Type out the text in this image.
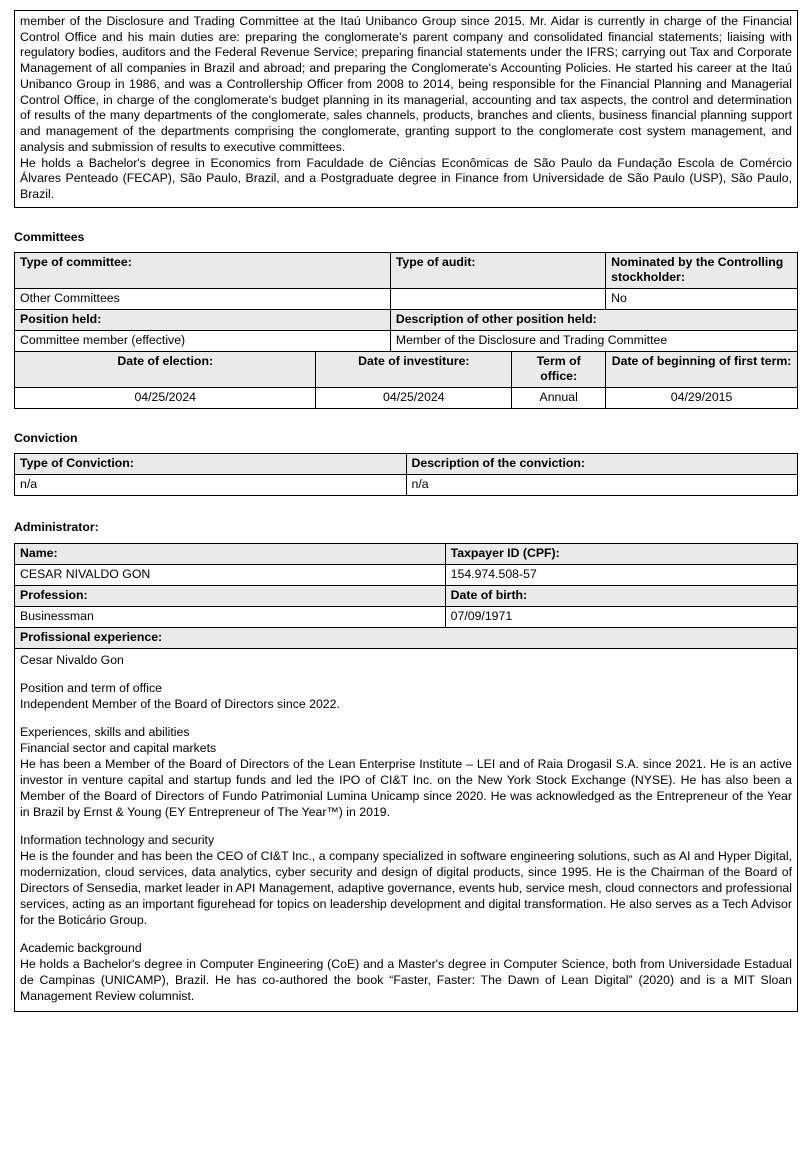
member of the Disclosure and Trading Committee at the Itaú Unibanco Group since 2015. Mr. Aidar is currently in charge of the Financial Control Office and his main duties are: preparing the conglomerate's parent company and consolidated financial statements; liaising with regulatory bodies, auditors and the Federal Revenue Service; preparing financial statements under the IFRS; carrying out Tax and Corporate Management of all companies in Brazil and abroad; and preparing the Conglomerate's Accounting Policies. He started his career at the Itaú Unibanco Group in 1986, and was a Controllership Officer from 2008 to 2014, being responsible for the Financial Planning and Managerial Control Office, in charge of the conglomerate's budget planning in its managerial, accounting and tax aspects, the control and determination of results of the many departments of the conglomerate, sales channels, products, branches and clients, business financial planning support and management of the departments comprising the conglomerate, granting support to the conglomerate cost system management, and analysis and submission of results to executive committees.

He holds a Bachelor's degree in Economics from Faculdade de Ciências Econômicas de São Paulo da Fundação Escola de Comércio Álvares Penteado (FECAP), São Paulo, Brazil, and a Postgraduate degree in Finance from Universidade de São Paulo (USP), São Paulo, Brazil.

Committees
Type of committee:		Type of audit:		Nominated by the Controlling stockholder:
Other Committees				No
Position held:		Description of other position held:		
Committee member (effective)		Member of the Disclosure and Trading Committee		
Date of election:	Date of investiture:		Term of office:	Date of beginning of first term:
04/25/2024	04/25/2024		Annual	04/29/2015
Conviction
Type of Conviction:	Description of the conviction:
n/a	n/a
Administrator:
Name:	Taxpayer ID (CPF):
CESAR NIVALDO GON	154.974.508-57
Profession:	Date of birth:
Businessman	07/09/1971
Profissional experience:	

Cesar Nivaldo Gon

Position and term of office

Independent Member of the Board of Directors since 2022.

Experiences, skills and abilities

Financial sector and capital markets

He has been a Member of the Board of Directors of the Lean Enterprise Institute – LEI and of Raia Drogasil S.A. since 2021. He is an active investor in venture capital and startup funds and led the IPO of CI&T Inc. on the New York Stock Exchange (NYSE). He has also been a Member of the Board of Directors of Fundo Patrimonial Lumina Unicamp since 2020. He was acknowledged as the Entrepreneur of the Year in Brazil by Ernst & Young (EY Entrepreneur of The Year™) in 2019.

Information technology and security

He is the founder and has been the CEO of CI&T Inc., a company specialized in software engineering solutions, such as AI and Hyper Digital, modernization, cloud services, data analytics, cyber security and design of digital products, since 1995. He is the Chairman of the Board of Directors of Sensedia, market leader in API Management, adaptive governance, events hub, service mesh, cloud connectors and professional services, acting as an important figurehead for topics on leadership development and digital transformation. He also serves as a Tech Advisor for the Boticário Group.

Academic background

He holds a Bachelor's degree in Computer Engineering (CoE) and a Master's degree in Computer Science, both from Universidade Estadual de Campinas (UNICAMP), Brazil. He has co-authored the book “Faster, Faster: The Dawn of Lean Digital” (2020) and is a MIT Sloan Management Review columnist.
